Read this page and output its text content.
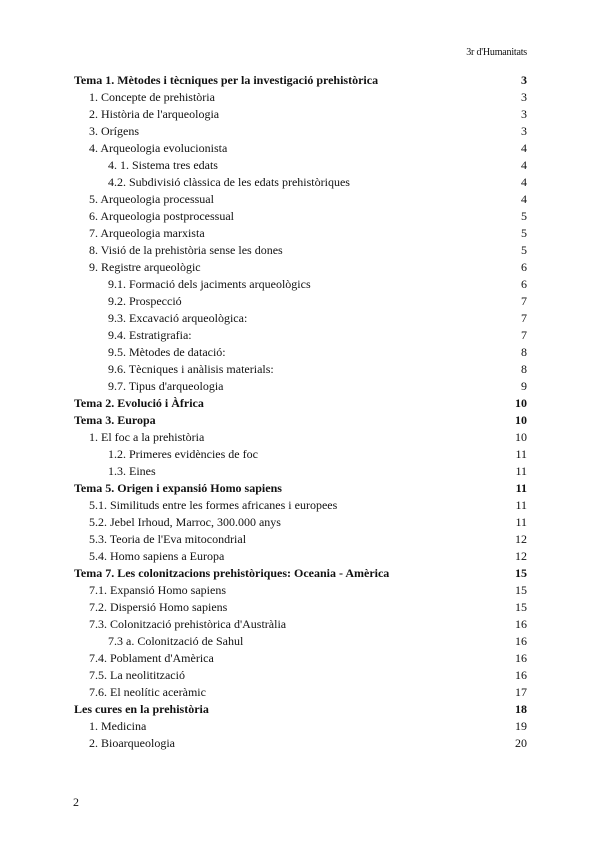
3r d'Humanitats
Tema 1. Mètodes i tècniques per la investigació prehistòrica	3
1. Concepte de prehistòria	3
2. Història de l'arqueologia	3
3. Orígens	3
4. Arqueologia evolucionista	4
4. 1. Sistema tres edats	4
4.2. Subdivisió clàssica de les edats prehistòriques	4
5. Arqueologia processual	4
6. Arqueologia postprocessual	5
7. Arqueologia marxista	5
8. Visió de la prehistòria sense les dones	5
9. Registre arqueològic	6
9.1. Formació dels jaciments arqueològics	6
9.2. Prospecció	7
9.3. Excavació arqueològica:	7
9.4. Estratigrafia:	7
9.5. Mètodes de datació:	8
9.6. Tècniques i anàlisis materials:	8
9.7. Tipus d'arqueologia	9
Tema 2. Evolució i Àfrica	10
Tema 3. Europa	10
1. El foc a la prehistòria	10
1.2. Primeres evidències de foc	11
1.3. Eines	11
Tema 5. Origen i expansió Homo sapiens	11
5.1. Similituds entre les formes africanes i europees	11
5.2. Jebel Irhoud, Marroc, 300.000 anys	11
5.3. Teoria de l'Eva mitocondrial	12
5.4. Homo sapiens a Europa	12
Tema 7. Les colonitzacions prehistòriques: Oceania - Amèrica	15
7.1. Expansió Homo sapiens	15
7.2. Dispersió Homo sapiens	15
7.3. Colonització prehistòrica d'Austràlia	16
7.3 a. Colonització de Sahul	16
7.4. Poblament d'Amèrica	16
7.5. La neolitització	16
7.6. El neolític aceràmic	17
Les cures en la prehistòria	18
1. Medicina	19
2. Bioarqueologia	20
2
